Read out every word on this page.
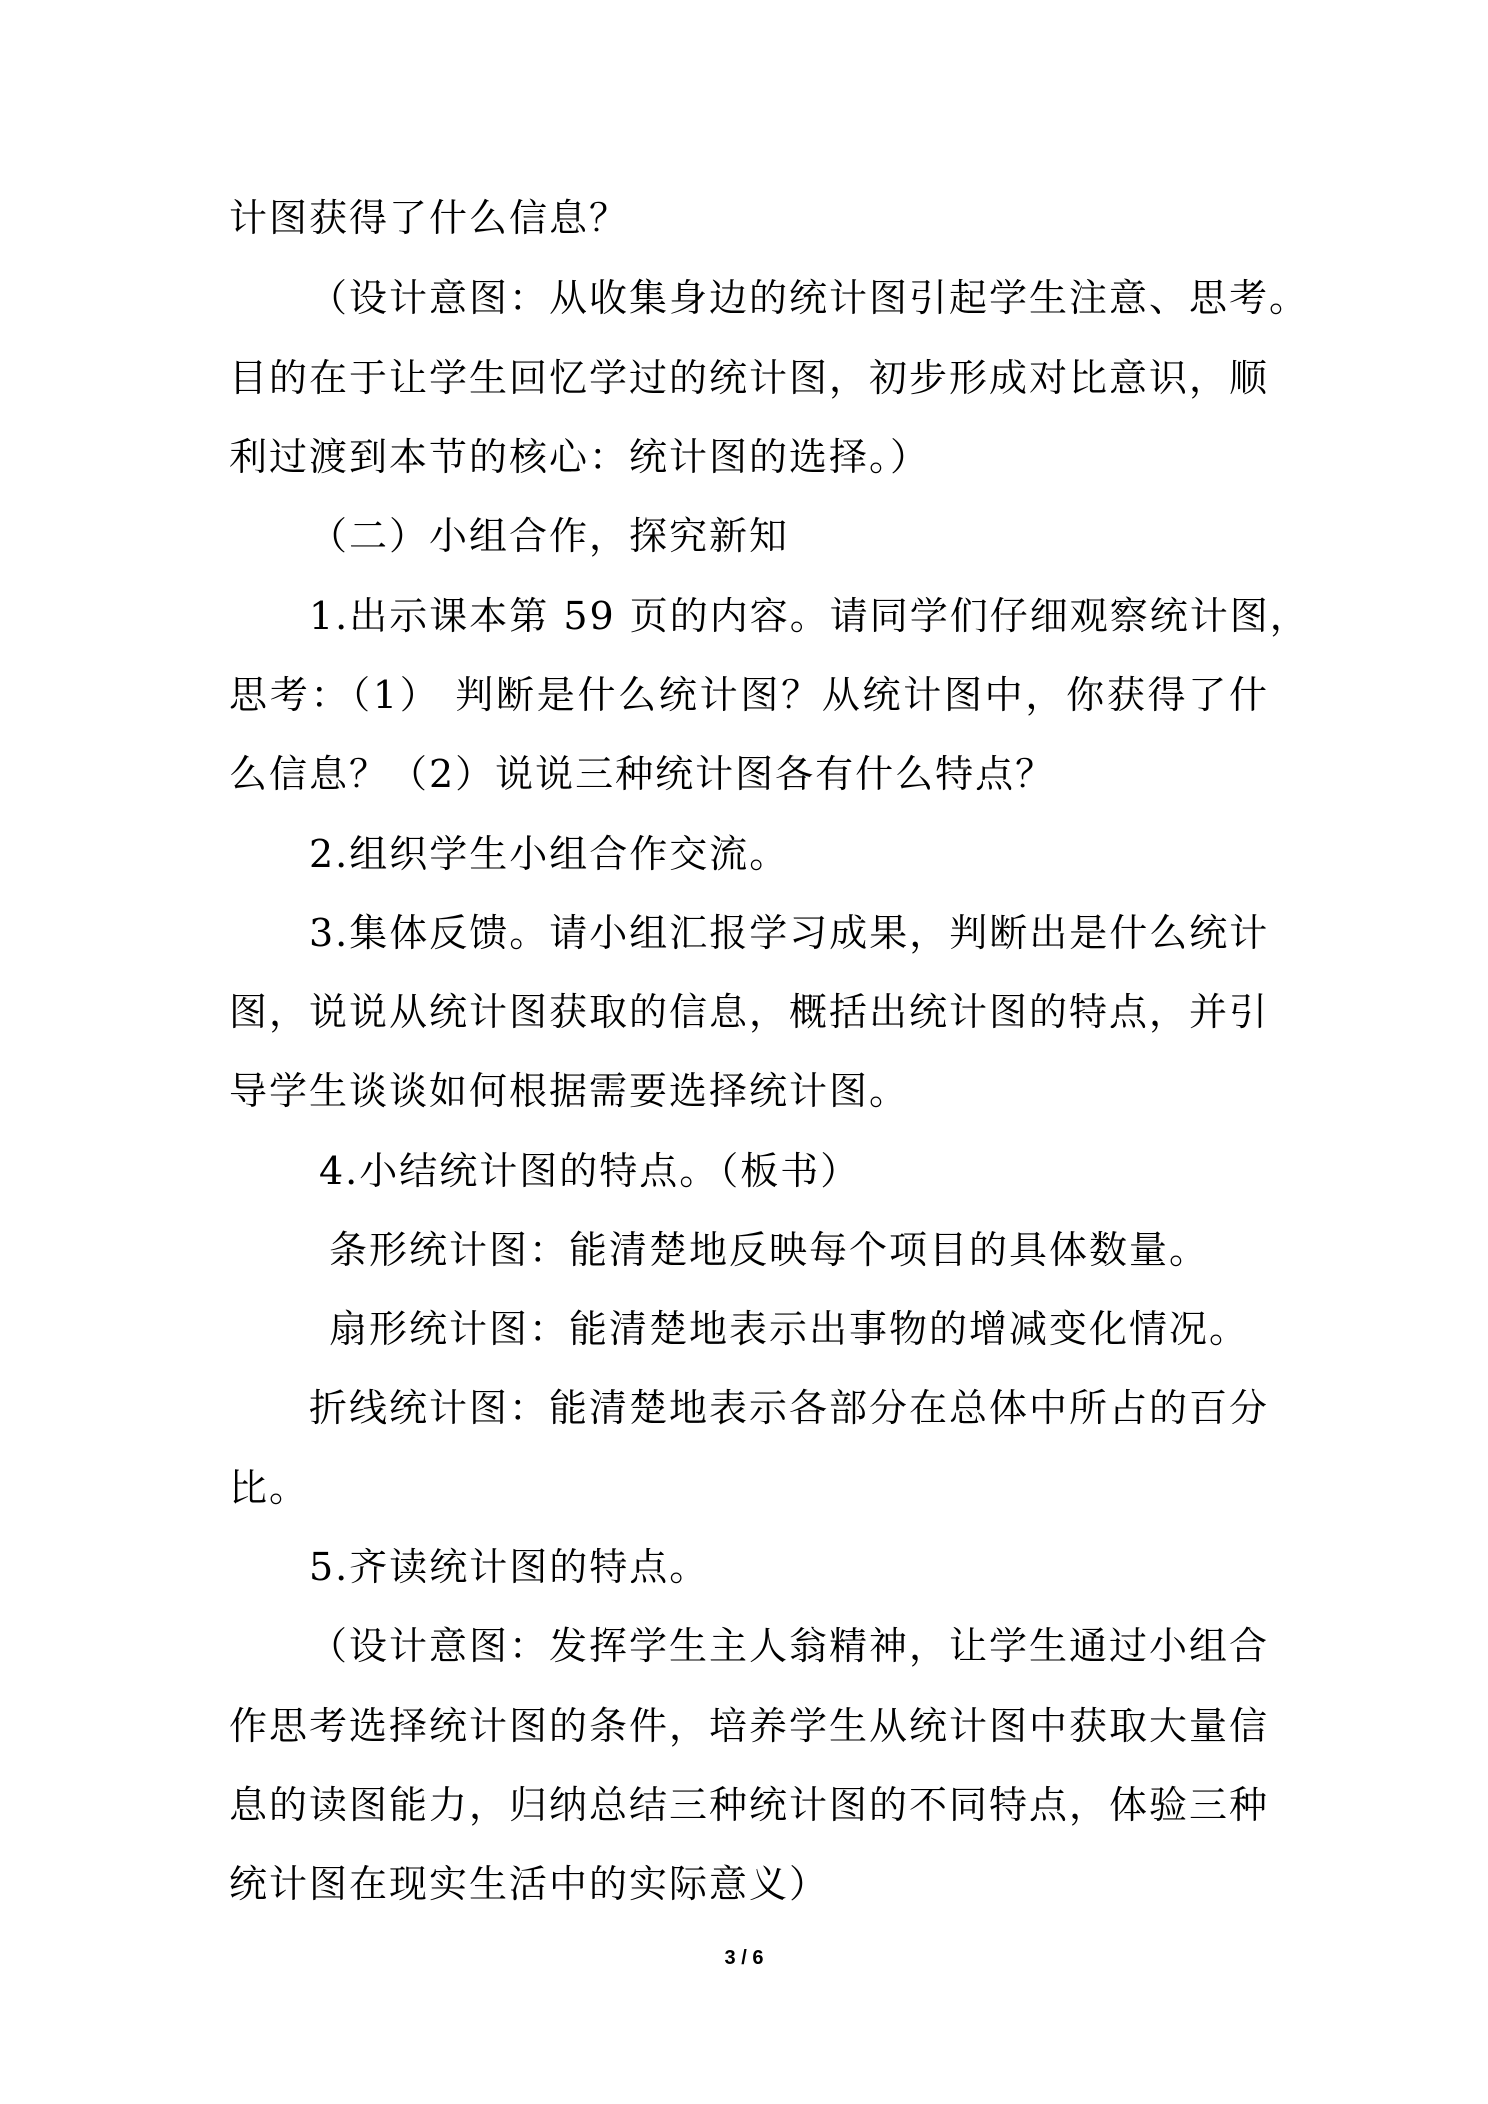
计图获得了什么信息？
（设计意图：从收集身边的统计图引起学生注意、思考。
目的在于让学生回忆学过的统计图，初步形成对比意识，顺
利过渡到本节的核心：统计图的选择。）
（二）小组合作，探究新知
1.出示课本第 59 页的内容。请同学们仔细观察统计图，
思考：（1） 判断是什么统计图？从统计图中，你获得了什
么信息？（2）说说三种统计图各有什么特点？
2.组织学生小组合作交流。
3.集体反馈。请小组汇报学习成果，判断出是什么统计
图，说说从统计图获取的信息，概括出统计图的特点，并引
导学生谈谈如何根据需要选择统计图。
4.小结统计图的特点。（板书）
条形统计图：能清楚地反映每个项目的具体数量。
扇形统计图：能清楚地表示出事物的增减变化情况。
折线统计图：能清楚地表示各部分在总体中所占的百分
比。
5.齐读统计图的特点。
（设计意图：发挥学生主人翁精神，让学生通过小组合
作思考选择统计图的条件，培养学生从统计图中获取大量信
息的读图能力，归纳总结三种统计图的不同特点，体验三种
统计图在现实生活中的实际意义）
3 / 6
